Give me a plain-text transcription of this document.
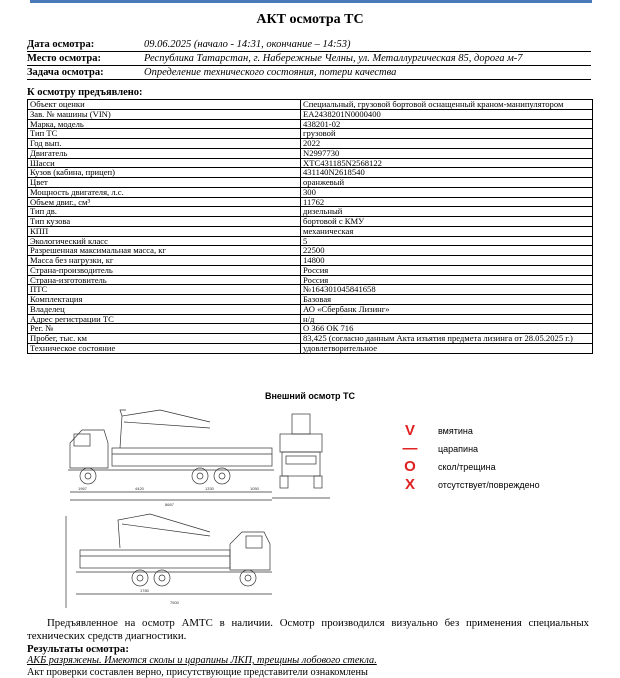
АКТ осмотра ТС
Дата осмотра:	09.06.2025 (начало - 14:31, окончание – 14:53)
Место осмотра:	Республика Татарстан, г. Набережные Челны, ул. Металлургическая 85, дорога м-7
Задача осмотра:	Определение технического состояния, потери качества
К осмотру предъявлено:
Объект оценки	Специальный, грузовой бортовой оснащенный краном-манипулятором
Зав. № машины (VIN)	ЕА2438201N0000400
Марка, модель	438201-02
Тип ТС	грузовой
Год вып.	2022
Двигатель	N2997730
Шасси	ХТС431185N2568122
Кузов (кабина, прицеп)	431140N2618540
Цвет	оранжевый
Мощность двигателя, л.с.	300
Объем двиг., см³	11762
Тип дв.	дизельный
Тип кузова	бортовой с КМУ
КПП	механическая
Экологический класс	5
Разрешенная максимальная масса, кг	22500
Масса без нагрузки, кг	14800
Страна-производитель	Россия
Страна-изготовитель	Россия
ПТС	№164301045841658
Комплектация	Базовая
Владелец	АО «Сбербанк Лизинг»
Адрес регистрации ТС	н/д
Рег. №	О 366 ОК 716
Пробег, тыс. км	83,425 (согласно данным Акта изъятия предмета лизинга от 28.05.2025 г.)
Техническое состояние	удовлетворительное
Внешний осмотр ТС
1967	4420	1330	1050
8667
1780
7500
V	вмятина
— царапина
O	скол/трещина
X	отсутствует/повреждено
Предъявленное на осмотр АМТС в наличии. Осмотр производился визуально без применения специальных технических средств диагностики.
Результаты осмотра:
АКБ разряжены. Имеются сколы и царапины ЛКП, трещины лобового стекла.
Акт проверки составлен верно, присутствующие представители ознакомлены
